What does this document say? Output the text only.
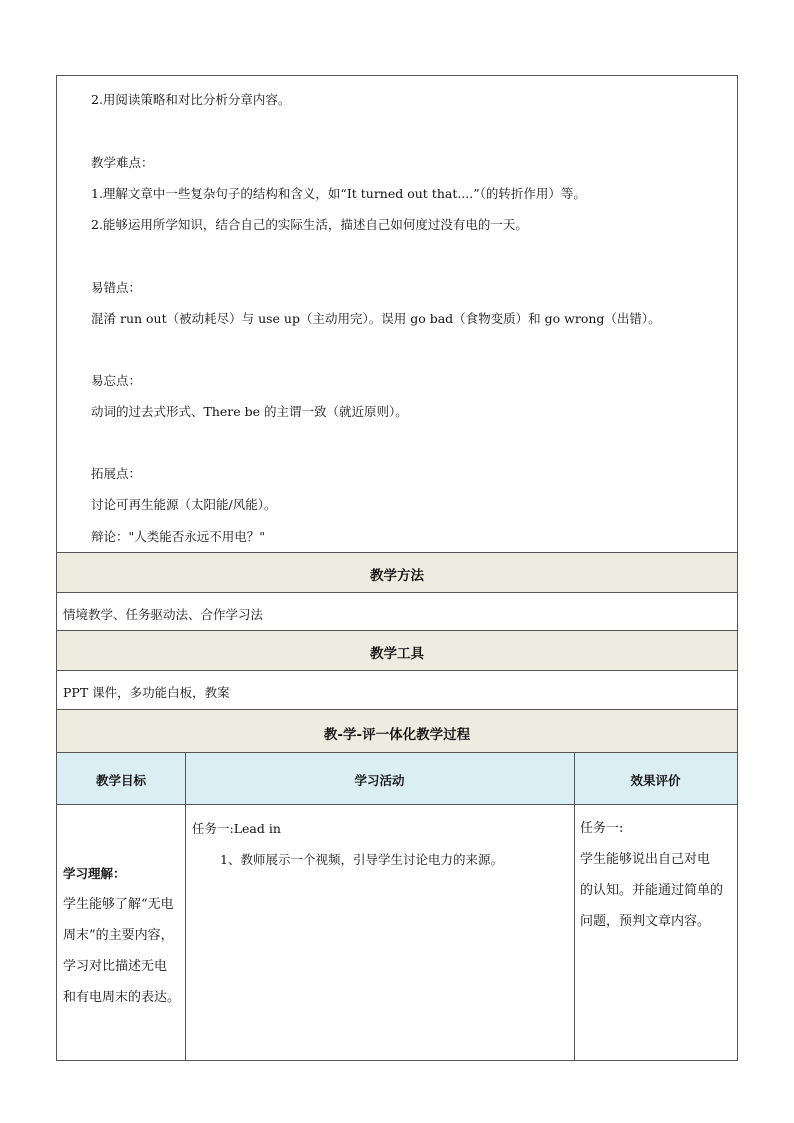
2.用阅读策略和对比分析分章内容。
教学难点：
1.理解文章中一些复杂句子的结构和含义，如“It turned out that....”（的转折作用）等。
2.能够运用所学知识，结合自己的实际生活，描述自己如何度过没有电的一天。
易错点：
混淆 run out（被动耗尽）与 use up（主动用完）。误用 go bad（食物变质）和 go wrong（出错）。
易忘点：
动词的过去式形式、There be 的主谓一致（就近原则）。
拓展点：
讨论可再生能源（太阳能/风能）。
辩论："人类能否永远不用电？"
教学方法
情境教学、任务驱动法、合作学习法
教学工具
PPT 课件，多功能白板，教案
教-学-评一体化教学过程
教学目标	学习活动	效果评价
学习理解：
学生能够了解“无电
周末”的主要内容，
学习对比描述无电
和有电周末的表达。
任务一:Lead in
1、教师展示一个视频，引导学生讨论电力的来源。
任务一:
学生能够说出自己对电
的认知。并能通过简单的
问题，预判文章内容。
